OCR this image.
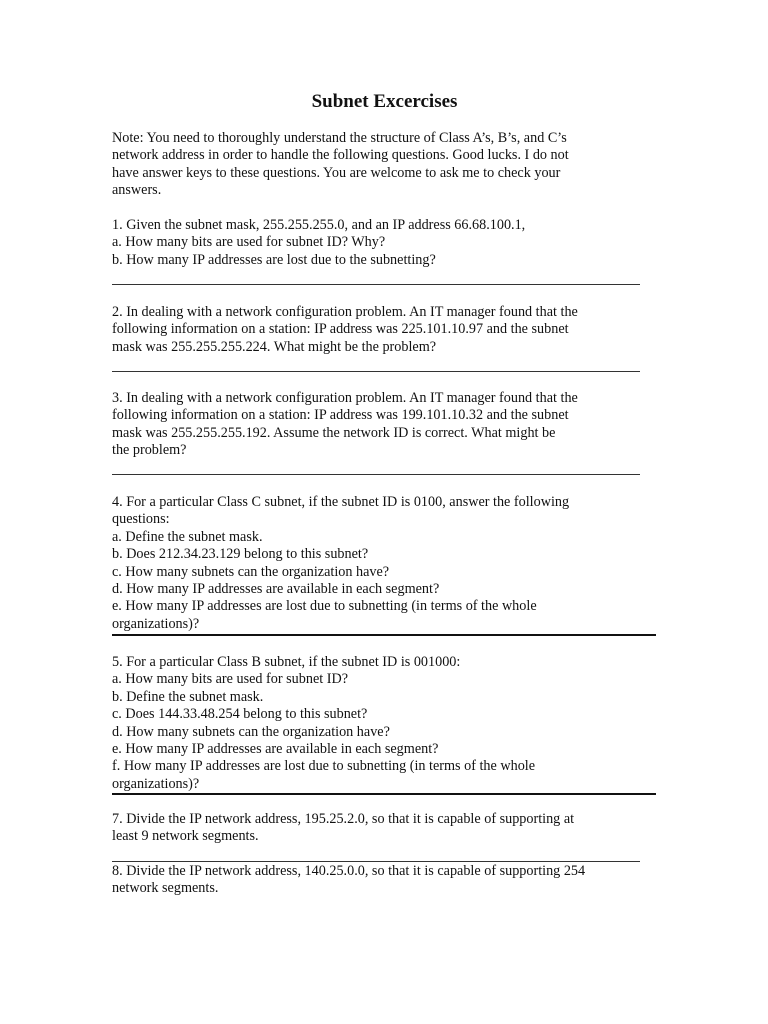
Subnet Excercises
Note: You need to thoroughly understand the structure of Class A’s, B’s, and C’s
network address in order to handle the following questions. Good lucks. I do not
have answer keys to these questions. You are welcome to ask me to check your
answers.
1. Given the subnet mask, 255.255.255.0, and an IP address 66.68.100.1,
a. How many bits are used for subnet ID? Why?
b. How many IP addresses are lost due to the subnetting?
2. In dealing with a network configuration problem. An IT manager found that the
following information on a station: IP address was 225.101.10.97 and the subnet
mask was 255.255.255.224. What might be the problem?
3. In dealing with a network configuration problem. An IT manager found that the
following information on a station: IP address was 199.101.10.32 and the subnet
mask was 255.255.255.192. Assume the network ID is correct. What might be
the problem?
4. For a particular Class C subnet, if the subnet ID is 0100, answer the following
questions:
a. Define the subnet mask.
b. Does 212.34.23.129 belong to this subnet?
c. How many subnets can the organization have?
d. How many IP addresses are available in each segment?
e. How many IP addresses are lost due to subnetting (in terms of the whole
organizations)?
5. For a particular Class B subnet, if the subnet ID is 001000:
a. How many bits are used for subnet ID?
b. Define the subnet mask.
c. Does 144.33.48.254 belong to this subnet?
d. How many subnets can the organization have?
e. How many IP addresses are available in each segment?
f. How many IP addresses are lost due to subnetting (in terms of the whole
organizations)?
7. Divide the IP network address, 195.25.2.0, so that it is capable of supporting at
least 9 network segments.
8. Divide the IP network address, 140.25.0.0, so that it is capable of supporting 254
network segments.
